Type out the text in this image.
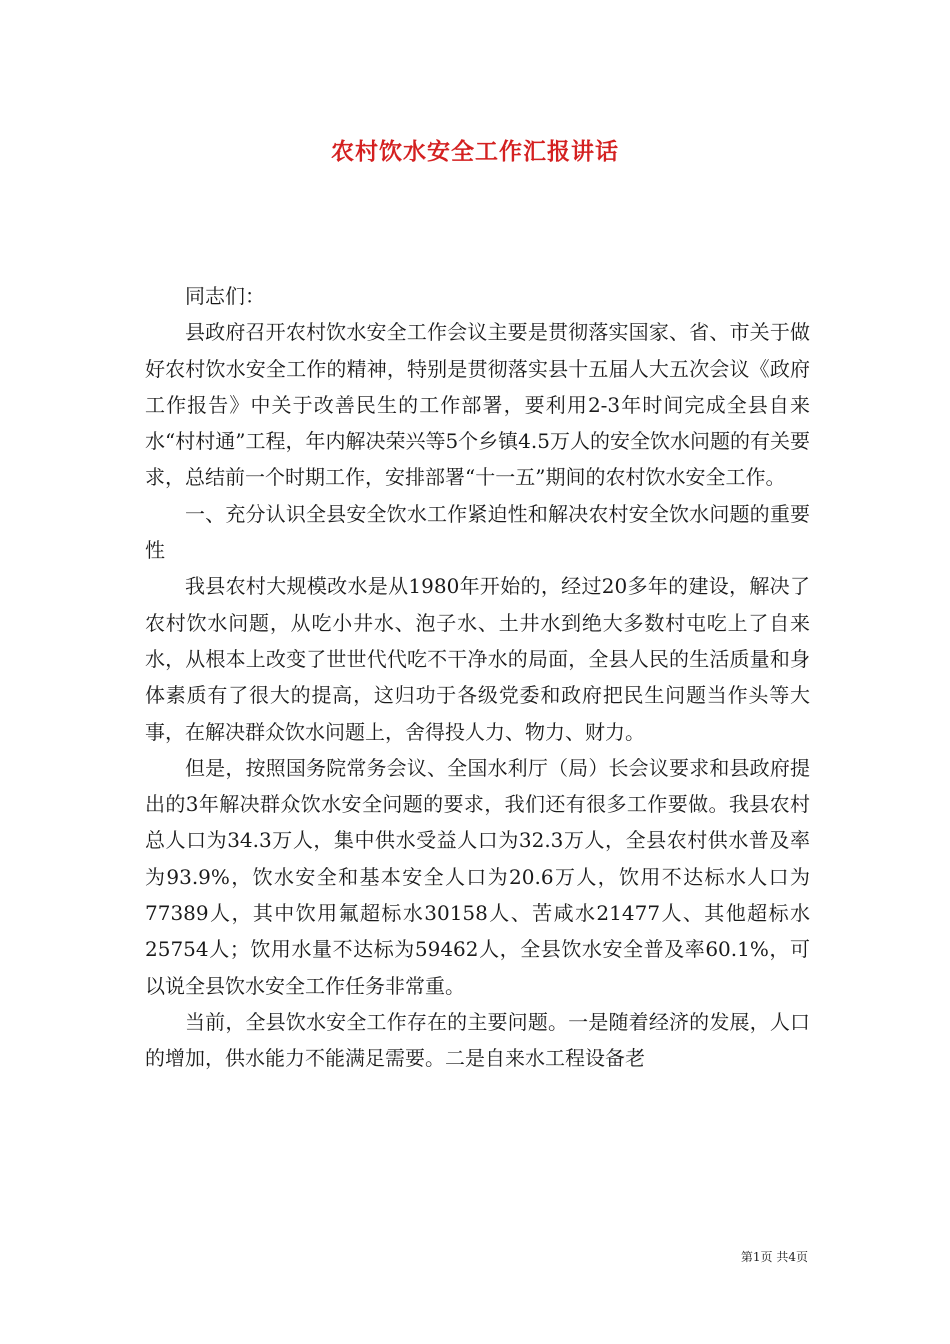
农村饮水安全工作汇报讲话

同志们：

县政府召开农村饮水安全工作会议主要是贯彻落实国家、省、市关于做好农村饮水安全工作的精神，特别是贯彻落实县十五届人大五次会议《政府工作报告》中关于改善民生的工作部署，要利用2-3年时间完成全县自来水“村村通”工程，年内解决荣兴等5个乡镇4.5万人的安全饮水问题的有关要求，总结前一个时期工作，安排部署“十一五”期间的农村饮水安全工作。

一、充分认识全县安全饮水工作紧迫性和解决农村安全饮水问题的重要性

我县农村大规模改水是从1980年开始的，经过20多年的建设，解决了农村饮水问题，从吃小井水、泡子水、土井水到绝大多数村屯吃上了自来水，从根本上改变了世世代代吃不干净水的局面，全县人民的生活质量和身体素质有了很大的提高，这归功于各级党委和政府把民生问题当作头等大事，在解决群众饮水问题上，舍得投人力、物力、财力。

但是，按照国务院常务会议、全国水利厅（局）长会议要求和县政府提出的3年解决群众饮水安全问题的要求，我们还有很多工作要做。我县农村总人口为34.3万人，集中供水受益人口为32.3万人，全县农村供水普及率为93.9%，饮水安全和基本安全人口为20.6万人，饮用不达标水人口为77389人，其中饮用氟超标水30158人、苦咸水21477人、其他超标水25754人；饮用水量不达标为59462人，全县饮水安全普及率60.1%，可以说全县饮水安全工作任务非常重。

当前，全县饮水安全工作存在的主要问题。一是随着经济的发展，人口的增加，供水能力不能满足需要。二是自来水工程设备老

第1页 共4页
